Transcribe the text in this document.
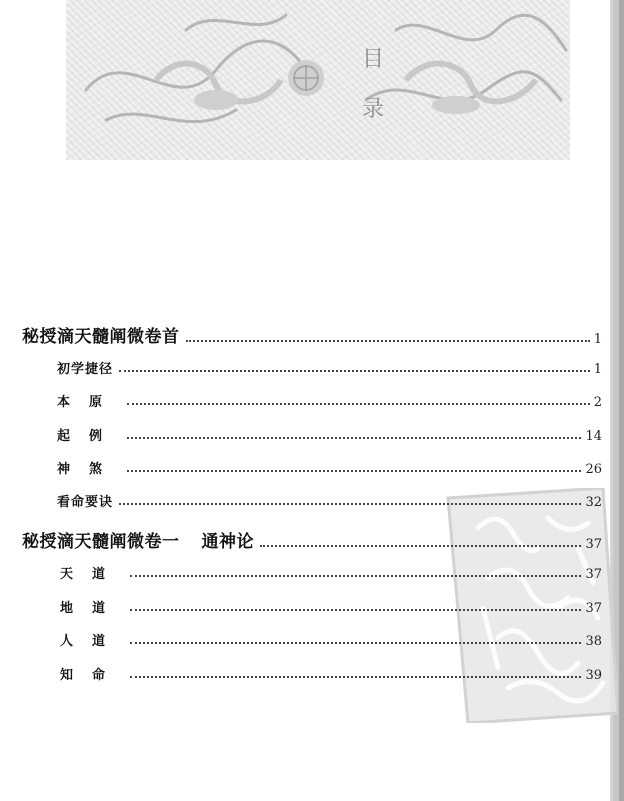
目
录
秘授滴天髓阐微卷首	1
初学捷径	1
本原	2
起例	14
神煞	26
看命要诀	32
秘授滴天髓阐微卷一 通神论	37
天道	37
地道	37
人道	38
知命	39
